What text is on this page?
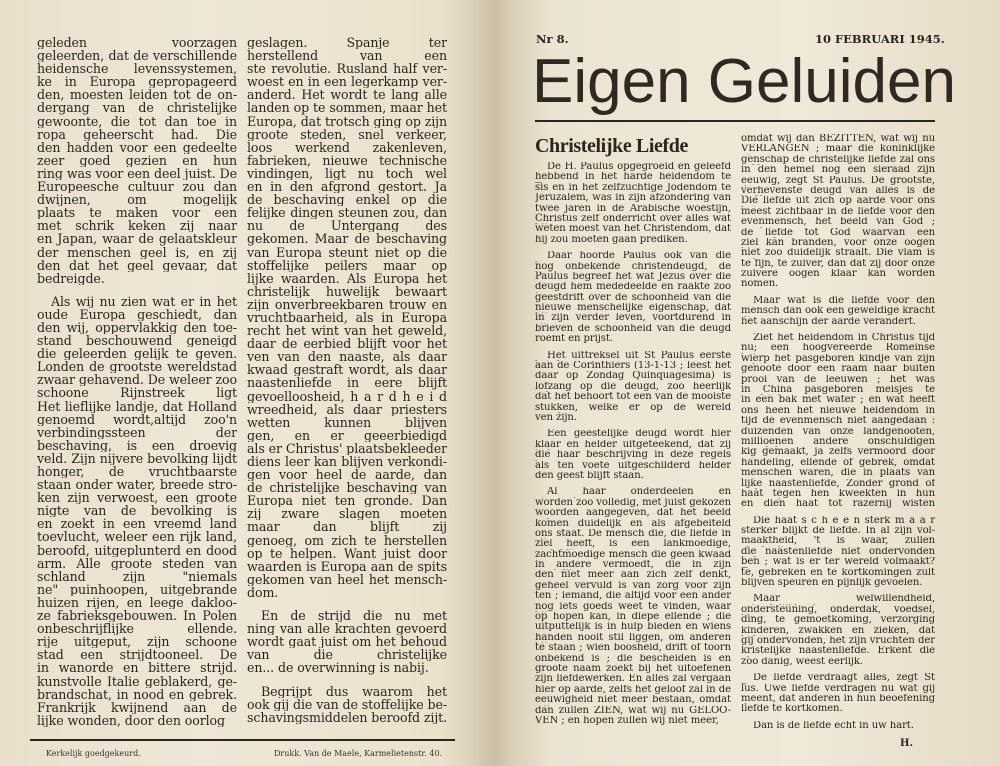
geleden voorzagen
geleerden, dat de verschillende
heidensche levenssystemen,
ke in Europa gepropageerd
den, moesten leiden tot de on-
dergang van de christelijke
gewoonte, die tot dan toe in
ropa geheerscht had. Die
den hadden voor een gedeelte
zeer goed gezien en hun
ring was voor een deel juist. De
Europeesche cultuur zou dan
dwijnen, om mogelijk
plaats te maken voor een
met schrik keken zij naar
en Japan, waar de gelaatskleur
der menschen geel is, en zij
den dat het geel gevaar, dat
bedreigde.
Als wij nu zien wat er in het
oude Europa geschiedt, dan
den wij, oppervlakkig den toe-
stand beschouwend geneigd
die geleerden gelijk te geven.
Londen de grootste wereldstad
zwaar gehavend. De weleer zoo
schoone Rijnstreek ligt
Het lieflijke landje, dat Holland
genoemd wordt,altijd zoo'n
verbindingssteen der
beschaving, is een droevig
veld. Zijn nijvere bevolking lijdt
honger, de vruchtbaarste
staan onder water, breede stro-
ken zijn verwoest, een groote
nigte van de bevolking is
en zoekt in een vreemd land
toevlucht, weleer een rijk land,
beroofd, uitgeplunterd en dood
arm. Alle groote steden van
schland zijn "niemals
ne" puinhoopen, uitgebrande
huizen rijen, en leege dakloo-
ze fabrieksgebouwen. In Polen
onbeschrijflijke ellende.
rije uitgeput, zijn schoone
stad een strijdtooneel. De
in wanorde en bittere strijd.
kunstvolle Italie geblakerd, ge-
brandschat, in nood en gebrek.
Frankrijk kwijnend aan de
lijke wonden, door den oorlog
geslagen. Spanje ter
herstellend van een
ste revolutie. Rusland half ver-
woest en in een legerkamp ver-
anderd. Het wordt te lang alle
landen op te sommen, maar het
Europa, dat trotsch ging op zijn
groote steden, snel verkeer,
loos werkend zakenleven,
fabrieken, nieuwe technische
vindingen, ligt nu toch wel
en in den afgrond gestort. Ja
de beschaving enkel op die
felijke dingen steunen zou, dan
nu de Untergang des
gekomen. Maar de beschaving
van Europa steunt niet op die
stoffelijke peilers maar op
lijke waarden. Als Europa het
christelijk huwelijk bewaart
zijn onverbreekbaren trouw en
vruchtbaarheid, als in Europa
recht het wint van het geweld,
daar de eerbied blijft voor het
ven van den naaste, als daar
kwaad gestraft wordt, als daar
naastenliefde in eere blijft
gevoelloosheid, h a r d h e i d
wreedheid, als daar priesters
wetten kunnen blijven
gen, en er geeerbiedigd
als er Christus' plaatsbekleeder
diens leer kan blijven verkondi-
gen voor heel de aarde, dan
de christelijke beschaving van
Europa niet ten gronde. Dan
zij zware slagen moeten
maar dan blijft zij
genoeg, om zich te herstellen
op te helpen. Want juist door
waarden is Europa aan de spits
gekomen van heel het mensch-
dom.
En de strijd die nu met
ning van alle krachten gevoerd
wordt gaat juist om het behoud
van die christelijke
en... de overwinning is nabij.
Begrijpt dus waarom het
ook gij die van de stoffelijke be-
schavingsmiddelen beroofd zijt.
Kerkelijk goedgekeurd.	Drukk. Van de Maele, Karmelietenstr. 40.
Nr 8.	10 FEBRUARI 1945.
Eigen Geluiden
Christelijke Liefde
De H. Paulus opgegroeid en geleefd
hebbend in het harde heidendom te
sis en in het zelfzuchtige Jodendom te
Jeruzalem, was in zijn afzondering van
twee jaren in de Arabische woestijn,
Christus zelf onderricht over alles wat
weten moest van het Christendom, dat
hij zou moeten gaan prediken.
Daar hoorde Paulus ook van die
nog onbekende christendeugd, de
Paulus begreef het wat Jezus over die
deugd hem mededeelde en raakte zoo
geestdrift over de schoonheid van die
nieuwe menschelijke eigenschap, dat
in zijn verder leven, voortdurend in
brieven de schoonheid van die deugd
roemt en prijst.
Het uittreksel uit St Paulus eerste
aan de Corinthiers (13-1-13 ; leest het
daar op Zondag Quinquagesima) is
lofzang op die deugd, zoo heerlijk
dat het behoort tot een van de mooiste
stukken, welke er op de wereld
ven zijn.
Een geestelijke deugd wordt hier
klaar en helder uitgeteekend, dat zij
die haar beschrijving in deze regels
als ten voete uitgeschilderd helder
den geest blijft staan.
Al haar onderdeelen en
worden zoo volledig, met juist gekozen
woorden aangegeven, dat het beeld
komen duidelijk en als afgebeiteld
ons staat. De mensch die, die liefde in
ziel heeft, is een lankmoedige,
zachtmoedige mensch die geen kwaad
in andere vermoedt, die in zijn
den niet meer aan zich zelf denkt,
geheel vervuld is van zorg voor zijn
ten ; iemand, die altijd voor een ander
nog iets goeds weet te vinden, waar
op hopen kan, in diepe ellende ; die
uitputtelijk is in hulp bieden en wiens
handen nooit stil liggen, om anderen
te staan ; wien boosheid, drift of toorn
onbekend is ; die bescheiden is en
groote naam zoekt bij het uitoefenen
zijn liefdewerken. En alles zal vergaan
hier op aarde, zelfs het geloof zal in de
eeuwigheid niet meer bestaan, omdat
dan zullen ZIEN, wat wij nu GELOO-
VEN ; en hopen zullen wij niet meer,
omdat wij dan BEZITTEN, wat wij nu
VERLANGEN ; maar die koninklijke
genschap de christelijke liefde zal ons
in den hemel nog een sieraad zijn
eeuwig, zegt St Paulus. De grootste,
verhevenste deugd van alles is de
Die liefde uit zich op aarde voor ons
meest zichtbaar in de liefde voor den
evenmensch, het beeld van God ;
de liefde tot God waarvan een
ziel kan branden, voor onze oogen
niet zoo duidelijk straalt. Die vlam is
te fijn, te zuiver, dan dat zij door onze
zuivere oogen klaar kan worden
nomen.
Maar wat is die liefde voor den
mensch dan ook een geweldige kracht
het aanschijn der aarde verandert.
Ziet het heidendom in Christus tijd
nu; een hoogvereerde Romeinse
wierp het pasgeboren kindje van zijn
genoote door een raam naar buiten
prooi van de leeuwen ; het was
in China pasgeboren meisjes te
in een bak met water ; en wat heeft
ons heen het nieuwe heidendom in
tijd de evenmensch niet aangedaan :
duizenden van onze landgenooten,
millioenen andere onschuldigen
kig gemaakt, ja zelfs vermoord door
handeling, ellende of gebrek, omdat
menschen waren, die in plaats van
lijke naastenliefde, Zonder grond of
haat tegen hen kweekten in hun
en dien haat tot razernij wisten
Die haat s c h e e n sterk m a a r
sterker blijkt de liefde. In al zijn vol-
maaktheid, 't is waar, zullen
die naastenliefde niet ondervonden
ben ; wat is er ter wereld volmaakt?
te, gebreken en te kortkomingen zult
blijven speuren en pijnlijk gevoelen.
Maar welwillendheid,
ondersteuning, onderdak, voedsel,
ding, te gemoetkoming, verzorging
kinderen, zwakken en zieken, dat
gij ondervonden, het zijn vruchten der
kristelijke naastenliefde. Erkent die
zoo danig, weest eerlijk.
De liefde verdraagt alles, zegt St
lus. Uwe liefde verdragen nu wat gij
meent, dat anderen in hun beoefening
liefde te kortkomen.
Dan is de liefde echt in uw hart.
H.
